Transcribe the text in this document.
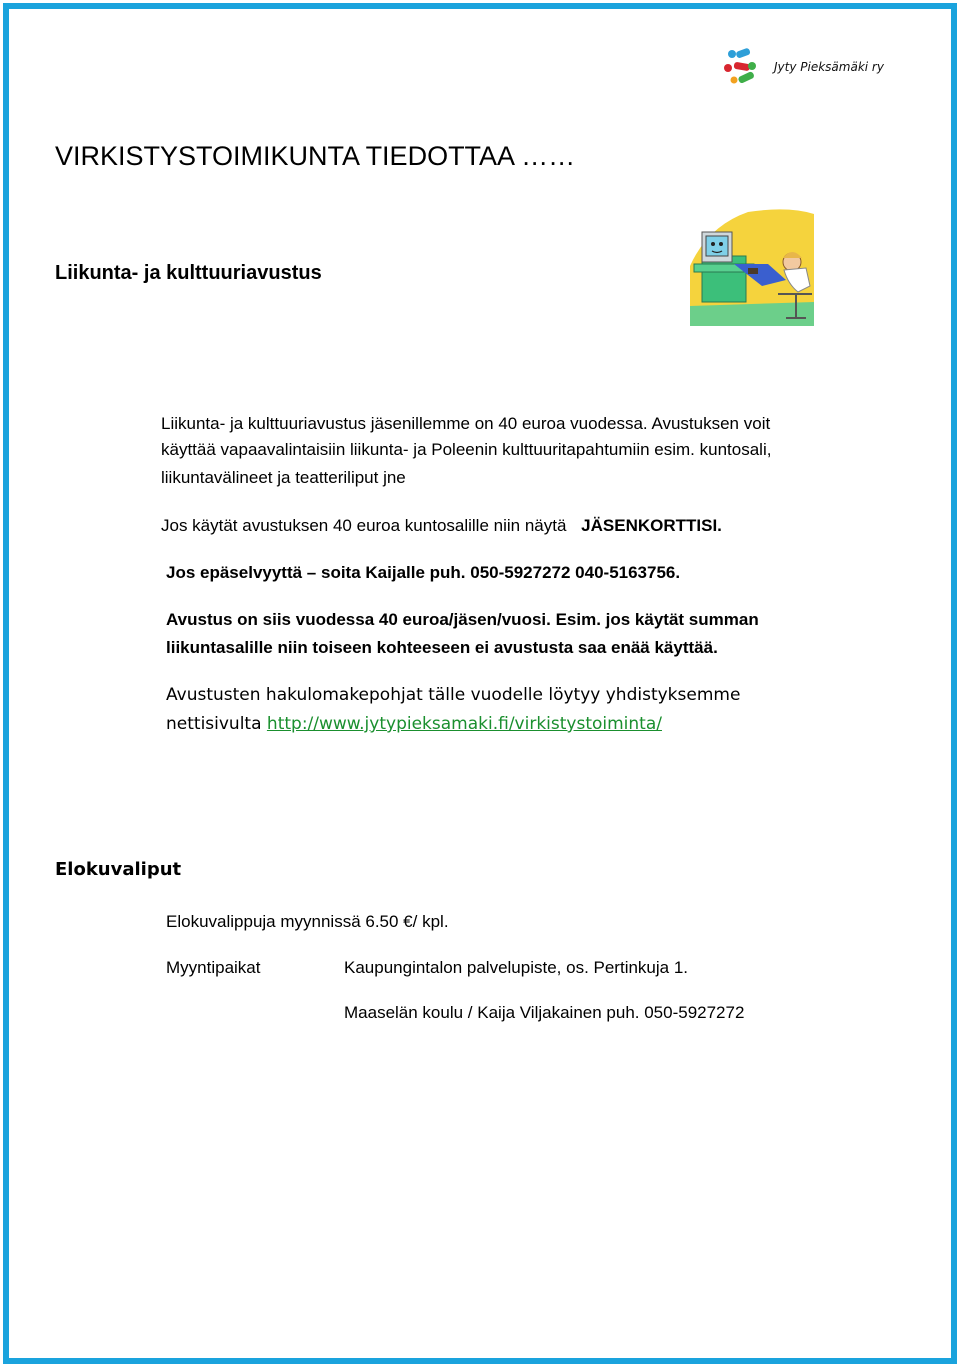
Jyty Pieksämäki ry
VIRKISTYSTOIMIKUNTA TIEDOTTAA ……
Liikunta- ja kulttuuriavustus
Liikunta- ja kulttuuriavustus jäsenillemme on 40 euroa vuodessa. Avustuksen voit
käyttää vapaavalintaisiin liikunta- ja Poleenin kulttuuritapahtumiin esim. kuntosali,
liikuntavälineet ja teatteriliput jne
Jos käytät avustuksen 40 euroa kuntosalille niin näytä JÄSENKORTTISI.
Jos epäselvyyttä – soita Kaijalle puh. 050-5927272 040-5163756.
Avustus on siis vuodessa 40 euroa/jäsen/vuosi. Esim. jos käytät summan
liikuntasalille niin toiseen kohteeseen ei avustusta saa enää käyttää.
Avustusten hakulomakepohjat tälle vuodelle löytyy yhdistyksemme
nettisivulta http://www.jytypieksamaki.fi/virkistystoiminta/
Elokuvaliput
Elokuvalippuja myynnissä 6.50 €/ kpl.
Myyntipaikat	Kaupungintalon palvelupiste, os. Pertinkuja 1.
Maaselän koulu / Kaija Viljakainen puh. 050-5927272
